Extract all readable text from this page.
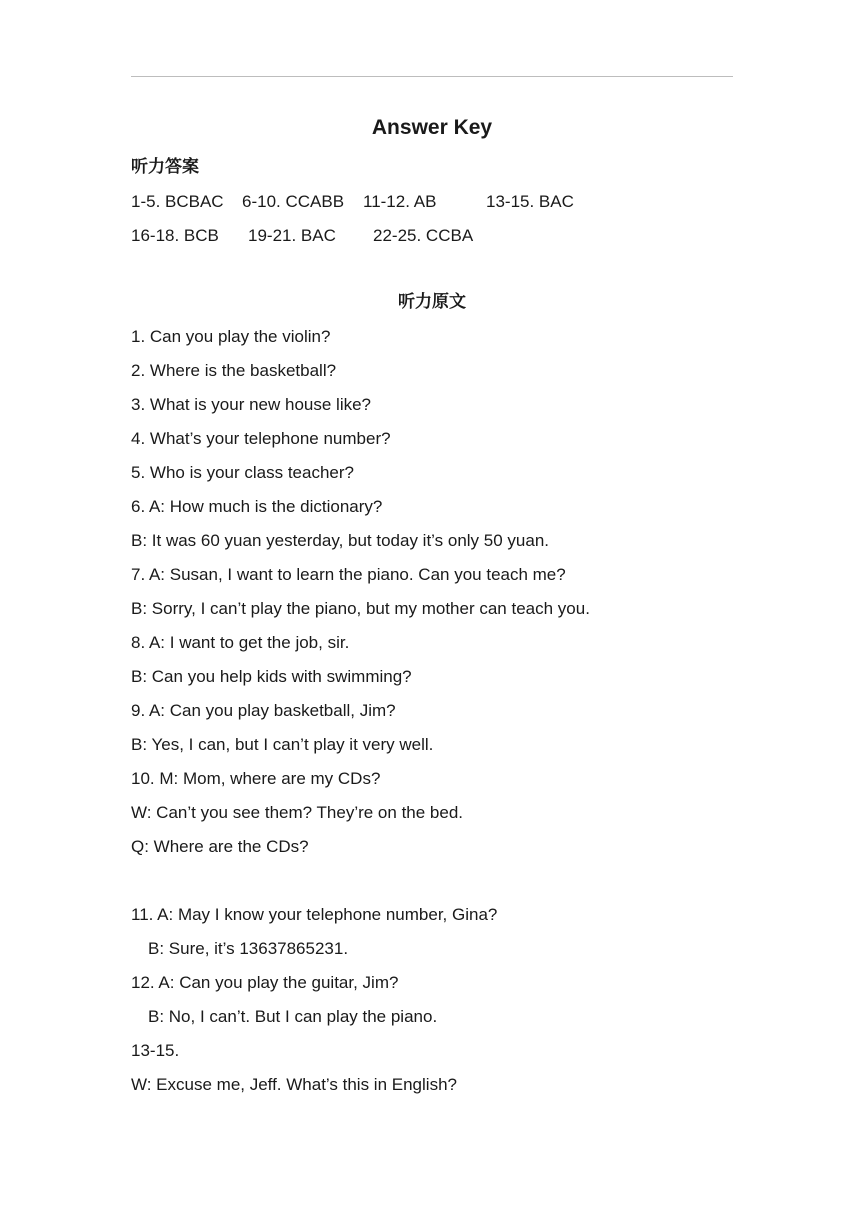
Answer Key
听力答案
1-5. BCBAC 6-10. CCABB 11-12. AB	13-15. BAC
16-18. BCB 19-21. BAC 22-25. CCBA
听力原文
1. Can you play the violin?
2. Where is the basketball?
3. What is your new house like?
4. What’s your telephone number?
5. Who is your class teacher?
6. A: How much is the dictionary?
B: It was 60 yuan yesterday, but today it’s only 50 yuan.
7. A: Susan, I want to learn the piano. Can you teach me?
B: Sorry, I can’t play the piano, but my mother can teach you.
8. A: I want to get the job, sir.
B: Can you help kids with swimming?
9. A: Can you play basketball, Jim?
B: Yes, I can, but I can’t play it very well.
10. M: Mom, where are my CDs?
W: Can’t you see them? They’re on the bed.
Q: Where are the CDs?
11. A: May I know your telephone number, Gina?
B: Sure, it’s 13637865231.
12. A: Can you play the guitar, Jim?
B: No, I can’t. But I can play the piano.
13-15.
W: Excuse me, Jeff. What’s this in English?
